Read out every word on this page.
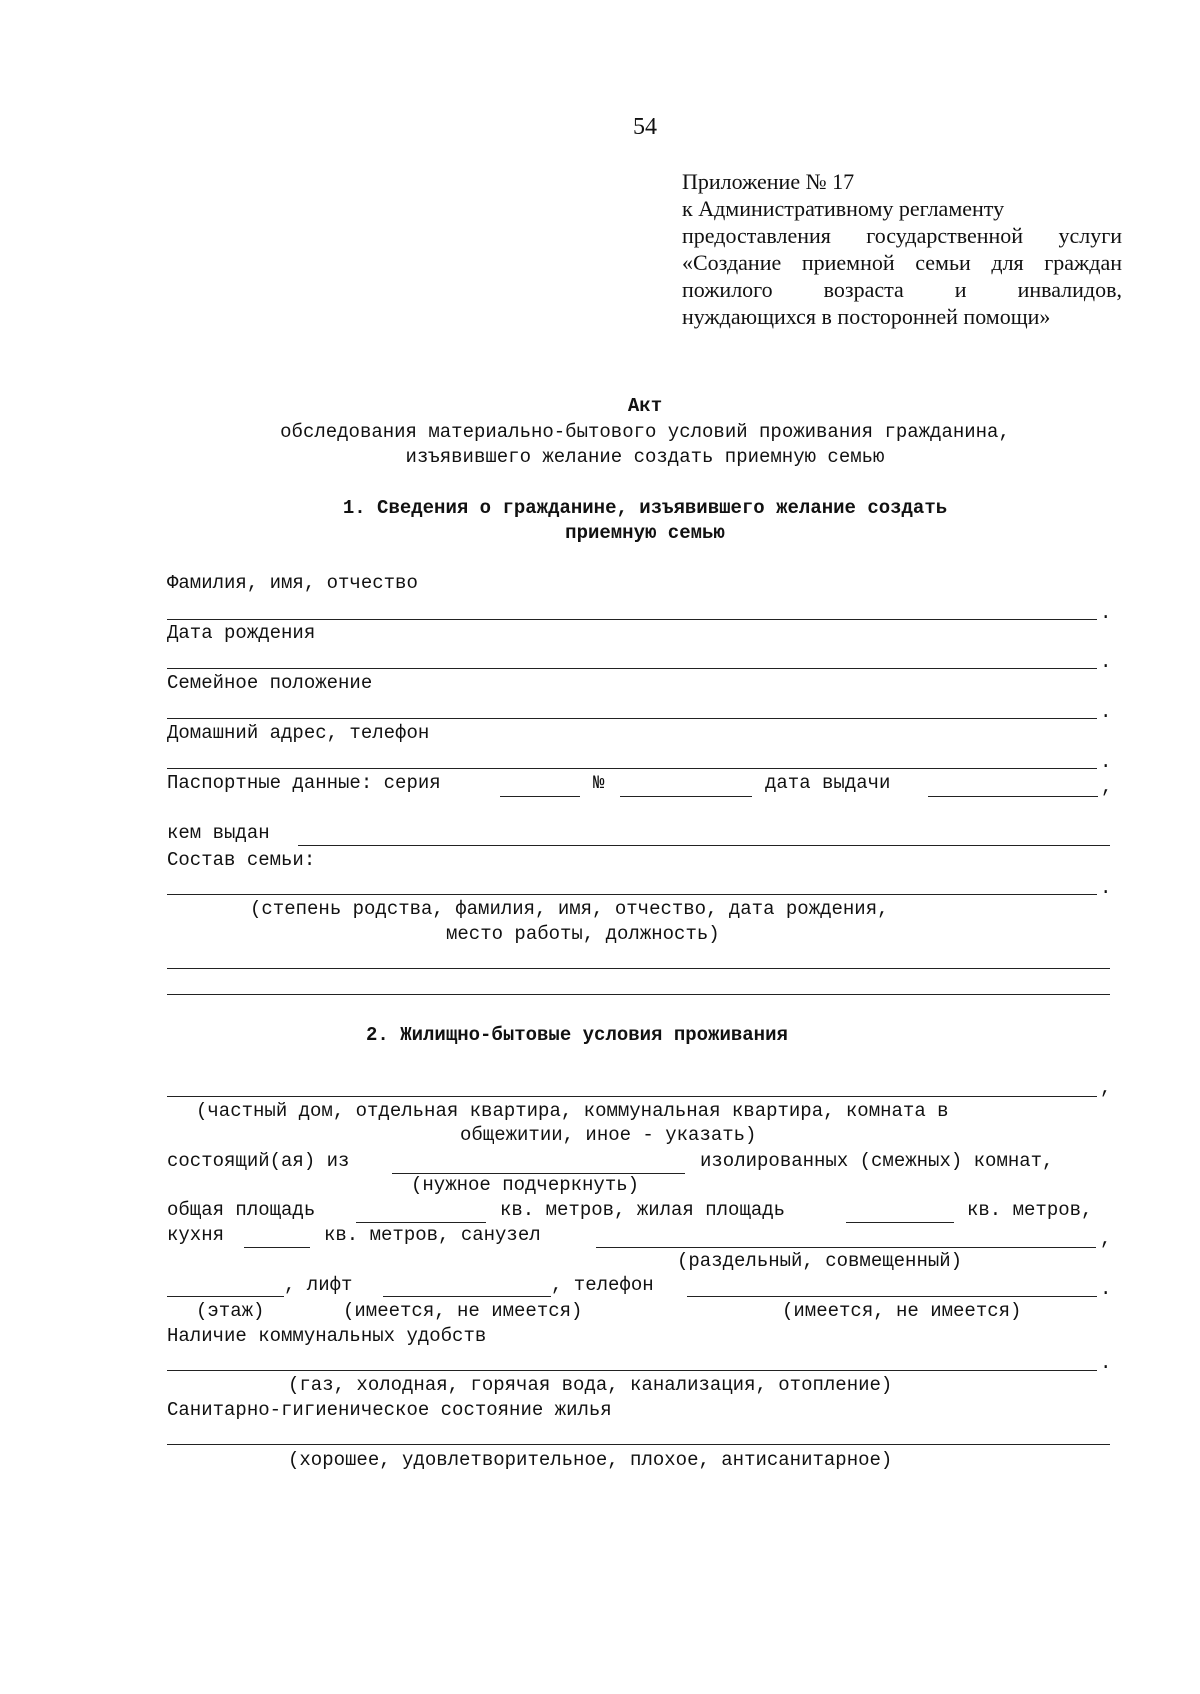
54
Приложение № 17
к Административному регламенту
предоставления государственной услуги
«Создание приемной семьи для граждан
пожилого возраста и инвалидов,
нуждающихся в посторонней помощи»
Акт
обследования материально-бытового условий проживания гражданина,
изъявившего желание создать приемную семью
1. Сведения о гражданине, изъявившего желание создать
приемную семью
Фамилия, имя, отчество
.
Дата рождения
.
Семейное положение
.
Домашний адрес, телефон
.
Паспортные данные: серия	№	дата выдачи	,
кем выдан
Состав семьи:
.
(степень родства, фамилия, имя, отчество, дата рождения,
место работы, должность)
2. Жилищно-бытовые условия проживания
,
(частный дом, отдельная квартира, коммунальная квартира, комната в
общежитии, иное - указать)
состоящий(ая) из	изолированных (смежных) комнат,
(нужное подчеркнуть)
общая площадь	кв. метров, жилая площадь	кв. метров,
кухня	кв. метров, санузел	,
(раздельный, совмещенный)
, лифт	, телефон	.
(этаж)	(имеется, не имеется)	(имеется, не имеется)
Наличие коммунальных удобств
.
(газ, холодная, горячая вода, канализация, отопление)
Санитарно-гигиеническое состояние жилья
(хорошее, удовлетворительное, плохое, антисанитарное)
